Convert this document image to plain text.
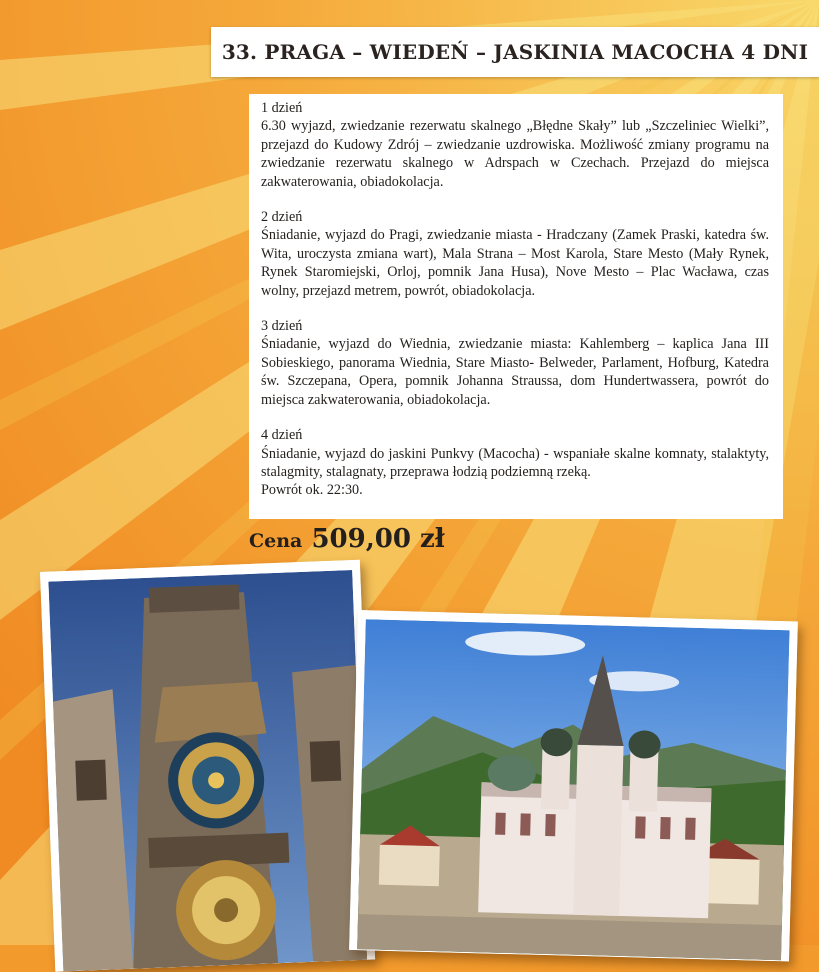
33. PRAGA – WIEDEŃ – JASKINIA MACOCHA 4 DNI

1 dzień

6.30 wyjazd, zwiedzanie rezerwatu skalnego „Błędne Skały” lub „Szczeliniec Wielki”, przejazd do Kudowy Zdrój – zwiedzanie uzdrowiska. Możliwość zmiany programu na zwiedzanie rezerwatu skalnego w Adrspach w Czechach. Przejazd do miejsca zakwaterowania, obiadokolacja.

2 dzień

Śniadanie, wyjazd do Pragi, zwiedzanie miasta - Hradczany (Zamek Praski, katedra św. Wita, uroczysta zmiana wart), Mala Strana – Most Karola, Stare Mesto (Mały Rynek, Rynek Staromiejski, Orloj, pomnik Jana Husa), Nove Mesto – Plac Wacława, czas wolny, przejazd metrem, powrót, obiadokolacja.

3 dzień

Śniadanie, wyjazd do Wiednia, zwiedzanie miasta: Kahlemberg – kaplica Jana III Sobieskiego, panorama Wiednia, Stare Miasto- Belweder, Parlament, Hofburg, Katedra św. Szczepana, Opera, pomnik Johanna Straussa, dom Hundertwassera, powrót do miejsca zakwaterowania, obiadokolacja.

4 dzień

Śniadanie, wyjazd do jaskini Punkvy (Macocha) - wspaniałe skalne komnaty, stalaktyty, stalagmity, stalagnaty, przeprawa łodzią podziemną rzeką.

Powrót ok. 22:30.

Cena 509,00 zł
